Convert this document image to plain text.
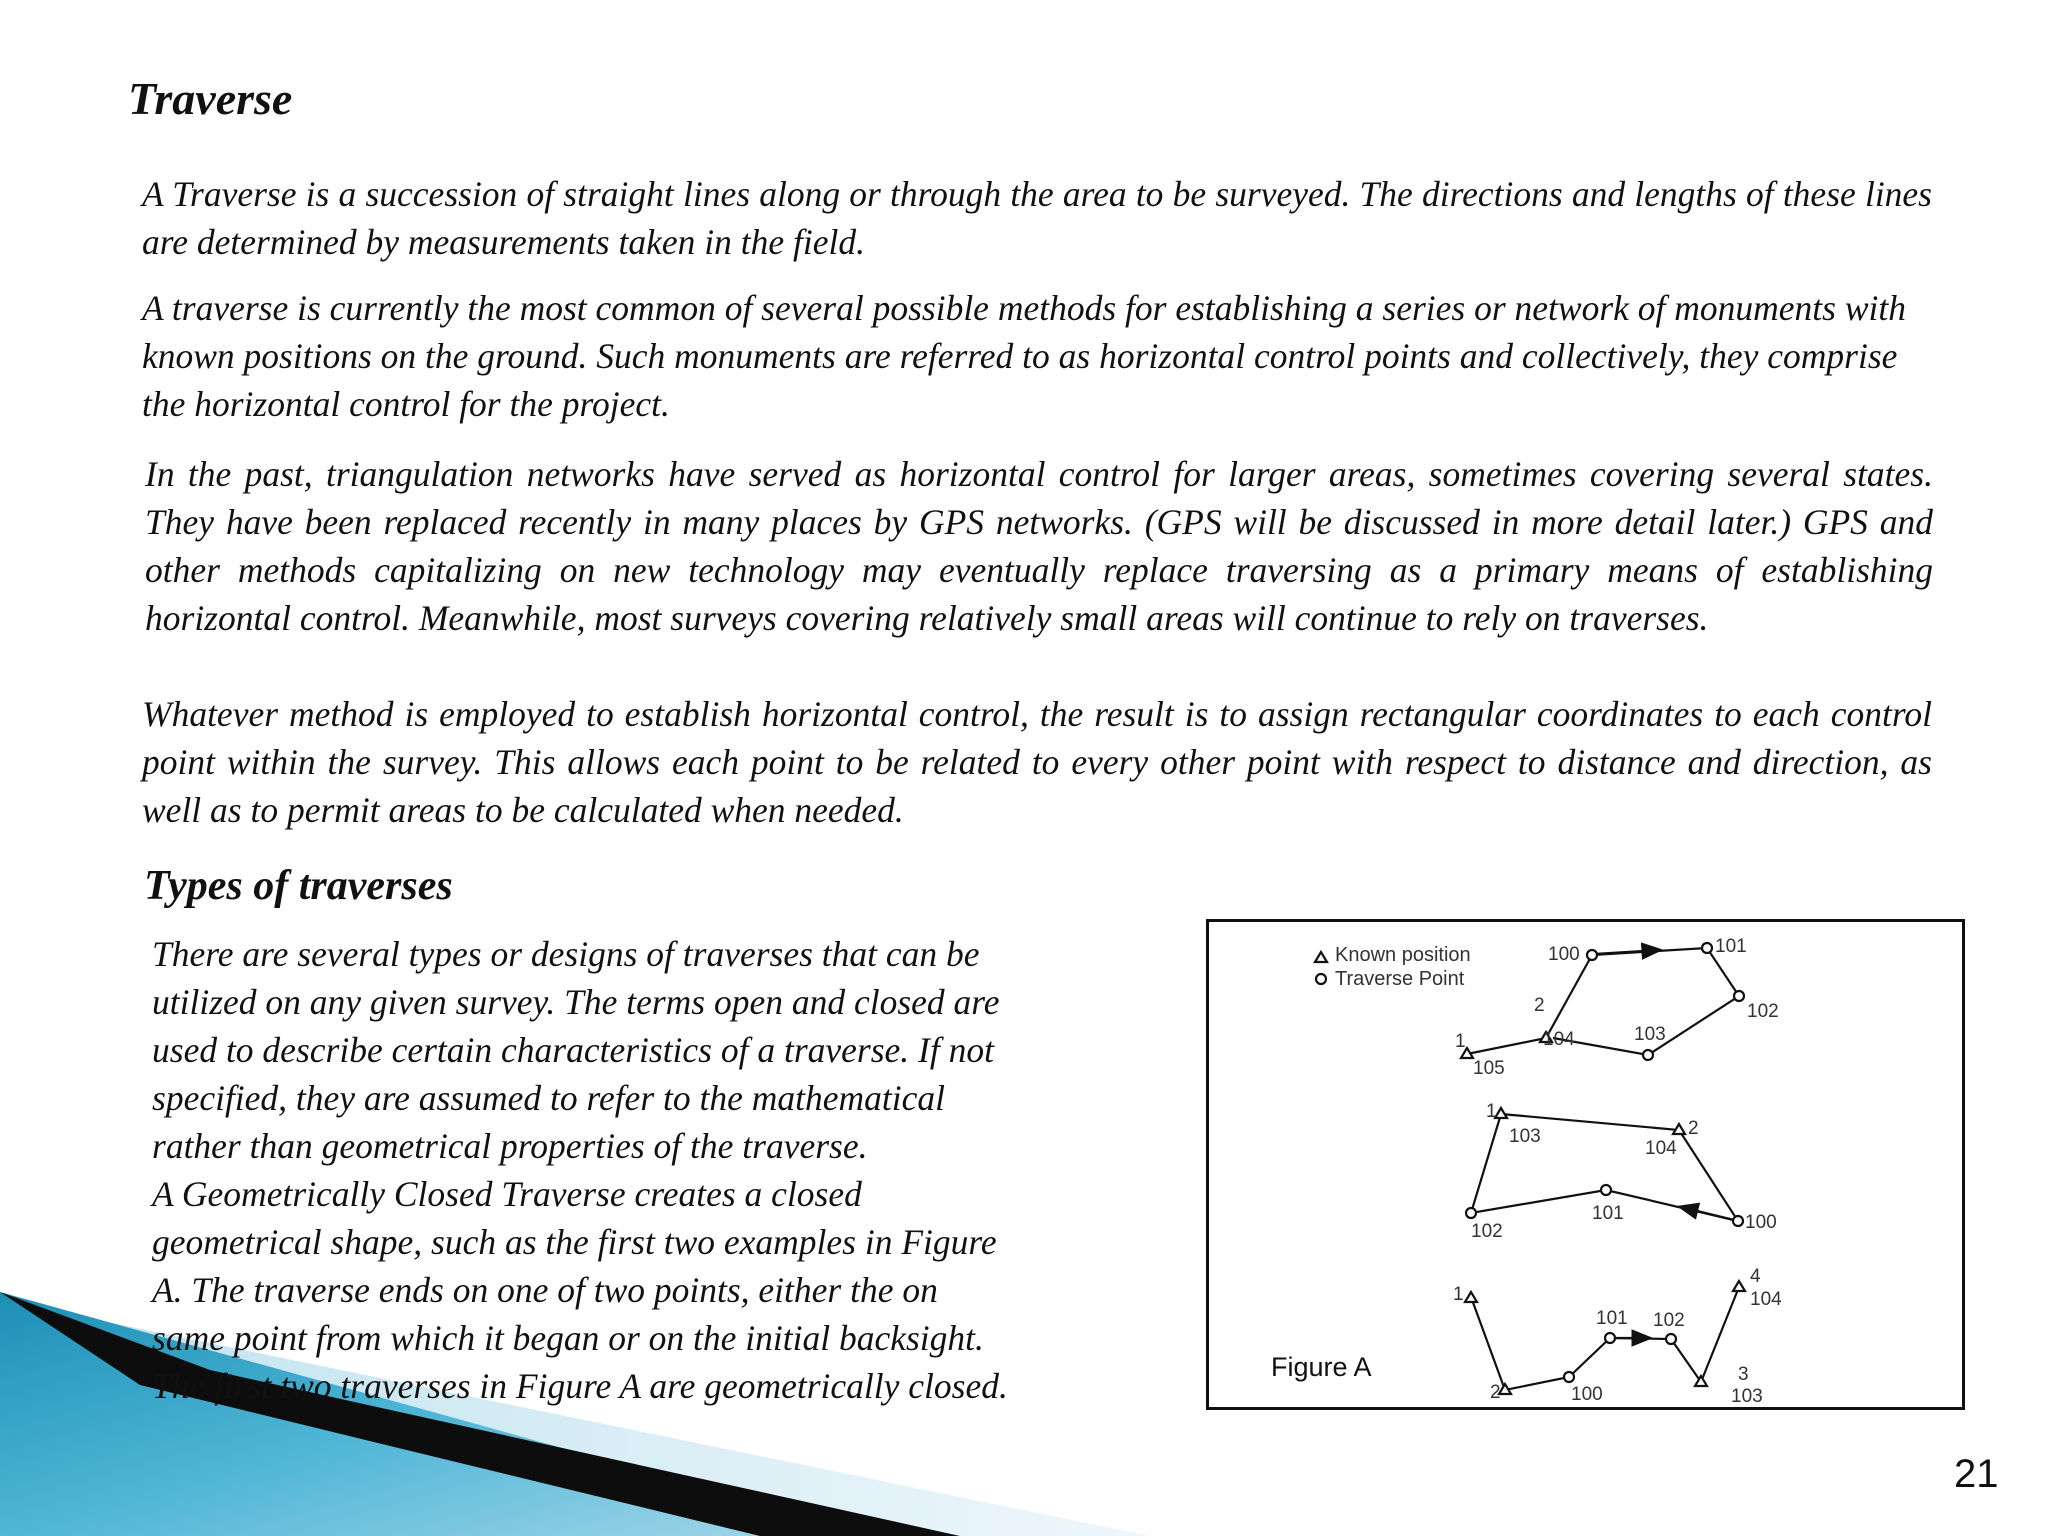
Traverse

A Traverse is a succession of straight lines along or through the area to be surveyed. The directions and lengths of these lines are determined by measurements taken in the field.

A traverse is currently the most common of several possible methods for establishing a series or network of monuments with known positions on the ground. Such monuments are referred to as horizontal control points and collectively, they comprise the horizontal control for the project.

In the past, triangulation networks have served as horizontal control for larger areas, sometimes covering several states. They have been replaced recently in many places by GPS networks. (GPS will be discussed in more detail later.) GPS and other methods capitalizing on new technology may eventually replace traversing as a primary means of establishing horizontal control. Meanwhile, most surveys covering relatively small areas will continue to rely on traverses.

Whatever method is employed to establish horizontal control, the result is to assign rectangular coordinates to each control point within the survey. This allows each point to be related to every other point with respect to distance and direction, as well as to permit areas to be calculated when needed.

Types of traverses
There are several types or designs of traverses that can be
utilized on any given survey. The terms open and closed are
used to describe certain characteristics of a traverse. If not
specified, they are assumed to refer to the mathematical
rather than geometrical properties of the traverse.
A Geometrically Closed Traverse creates a closed
geometrical shape, such as the first two examples in Figure
A. The traverse ends on one of two points, either the on
same point from which it began or on the initial backsight.
The first two traverses in Figure A are geometrically closed.
Known position
Traverse Point
100	101
102
103
104
2
1
105
1
103
104
2
102
101	100
1
2	100
101 102
3
103
4
104
Figure A
21
